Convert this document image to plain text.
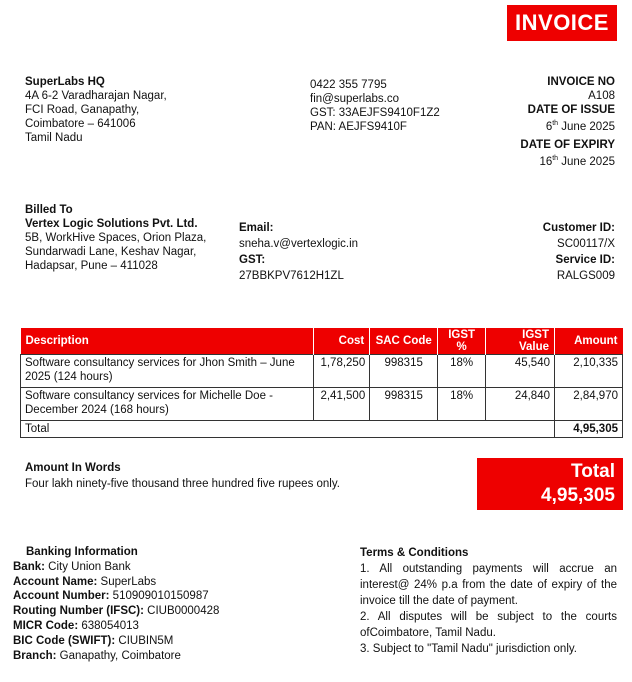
INVOICE
SuperLabs HQ
4A 6-2 Varadharajan Nagar,
FCI Road, Ganapathy,
Coimbatore – 641006
Tamil Nadu
0422 355 7795
fin@superlabs.co
GST: 33AEJFS9410F1Z2
PAN: AEJFS9410F
INVOICE NO
A108
DATE OF ISSUE
6th June 2025
DATE OF EXPIRY
16th June 2025
Billed To
Vertex Logic Solutions Pvt. Ltd.
5B, WorkHive Spaces, Orion Plaza,
Sundarwadi Lane, Keshav Nagar,
Hadapsar, Pune – 411028
Email:
sneha.v@vertexlogic.in
GST:
27BBKPV7612H1ZL
Customer ID:
SC00117/X
Service ID:
RALGS009
Description	Cost	SAC Code	IGST %	IGST Value	Amount
Software consultancy services for Jhon Smith – June 2025 (124 hours)	1,78,250	998315	18%	45,540	2,10,335
Software consultancy services for Michelle Doe - December 2024 (168 hours)	2,41,500	998315	18%	24,840	2,84,970
Total					4,95,305
Amount In Words
Four lakh ninety-five thousand three hundred five rupees only.
Total
4,95,305
Banking Information
Bank: City Union Bank
Account Name: SuperLabs
Account Number: 510909010150987
Routing Number (IFSC): CIUB0000428
MICR Code: 638054013
BIC Code (SWIFT): CIUBIN5M
Branch: Ganapathy, Coimbatore
Terms & Conditions
1. All outstanding payments will accrue an interest@ 24% p.a from the date of expiry of the invoice till the date of payment.
2. All disputes will be subject to the courts ofCoimbatore, Tamil Nadu.
3. Subject to "Tamil Nadu" jurisdiction only.
